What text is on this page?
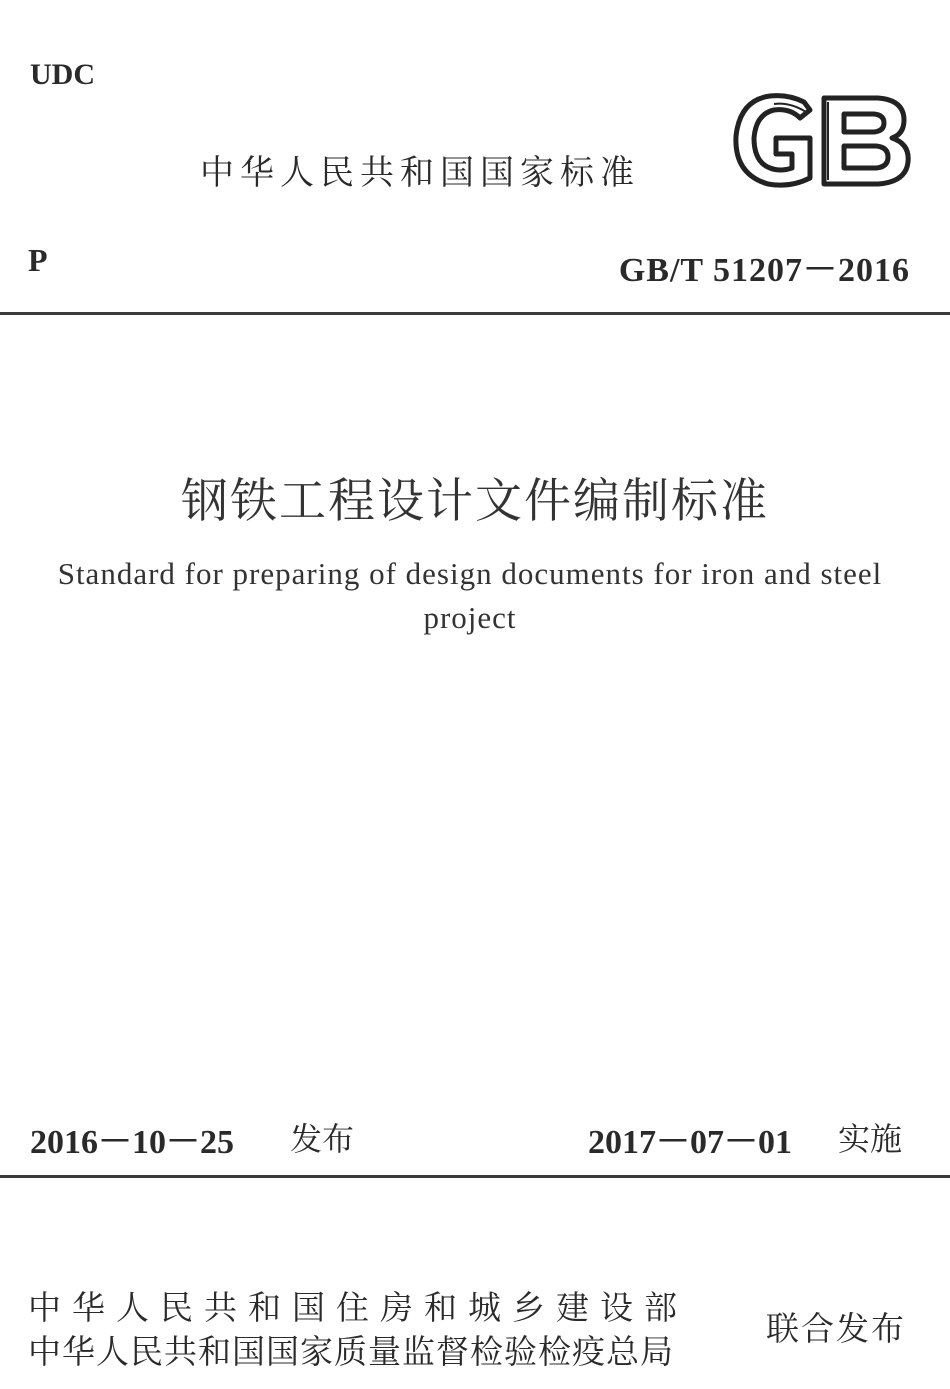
UDC
中华人民共和国国家标准
P	GB/T 51207－2016
钢铁工程设计文件编制标准
Standard for preparing of design documents for iron and steel project
2016－10－25 发布	2017－07－01 实施
中华人民共和国住房和城乡建设部
中华人民共和国国家质量监督检验检疫总局
联合发布
